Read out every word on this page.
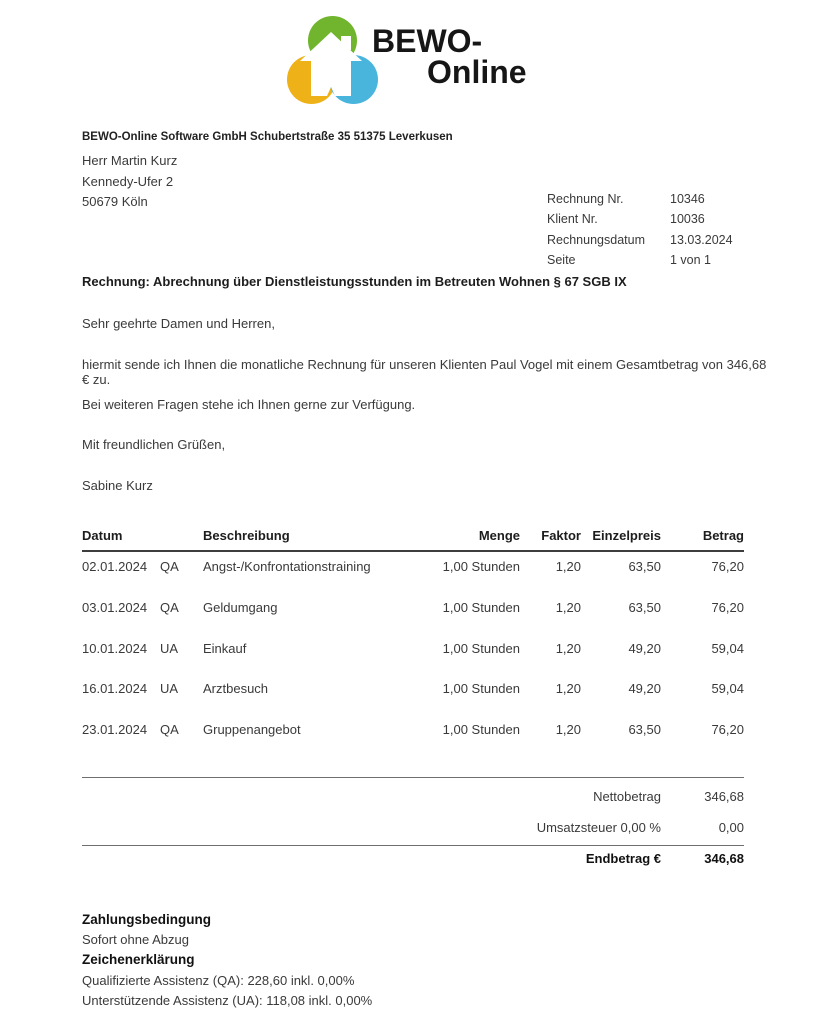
BEWO-
Online
BEWO-Online Software GmbH Schubertstraße 35 51375 Leverkusen
Herr Martin Kurz
Kennedy-Ufer 2
50679 Köln	Rechnung Nr.	10346
Klient Nr.	10036
Rechnungsdatum	13.03.2024
Seite	1 von 1
Rechnung: Abrechnung über Dienstleistungsstunden im Betreuten Wohnen § 67 SGB IX
Sehr geehrte Damen und Herren,
hiermit sende ich Ihnen die monatliche Rechnung für unseren Klienten Paul Vogel mit einem Gesamtbetrag von 346,68 € zu.
Bei weiteren Fragen stehe ich Ihnen gerne zur Verfügung.
Mit freundlichen Grüßen,
Sabine Kurz
Datum	Beschreibung	Menge Faktor Einzelpreis	Betrag
02.01.2024 QA Angst-/Konfrontationstraining	1,00 Stunden	1,20	63,50	76,20
03.01.2024 QA Geldumgang	1,00 Stunden	1,20	63,50	76,20
10.01.2024 UA Einkauf	1,00 Stunden	1,20	49,20	59,04
16.01.2024 UA Arztbesuch	1,00 Stunden	1,20	49,20	59,04
23.01.2024 QA Gruppenangebot	1,00 Stunden	1,20	63,50	76,20
Nettobetrag	346,68
Umsatzsteuer 0,00 %	0,00
Endbetrag €	346,68
Zahlungsbedingung
Sofort ohne Abzug
Zeichenerklärung
Qualifizierte Assistenz (QA): 228,60 inkl. 0,00%
Unterstützende Assistenz (UA): 118,08 inkl. 0,00%
